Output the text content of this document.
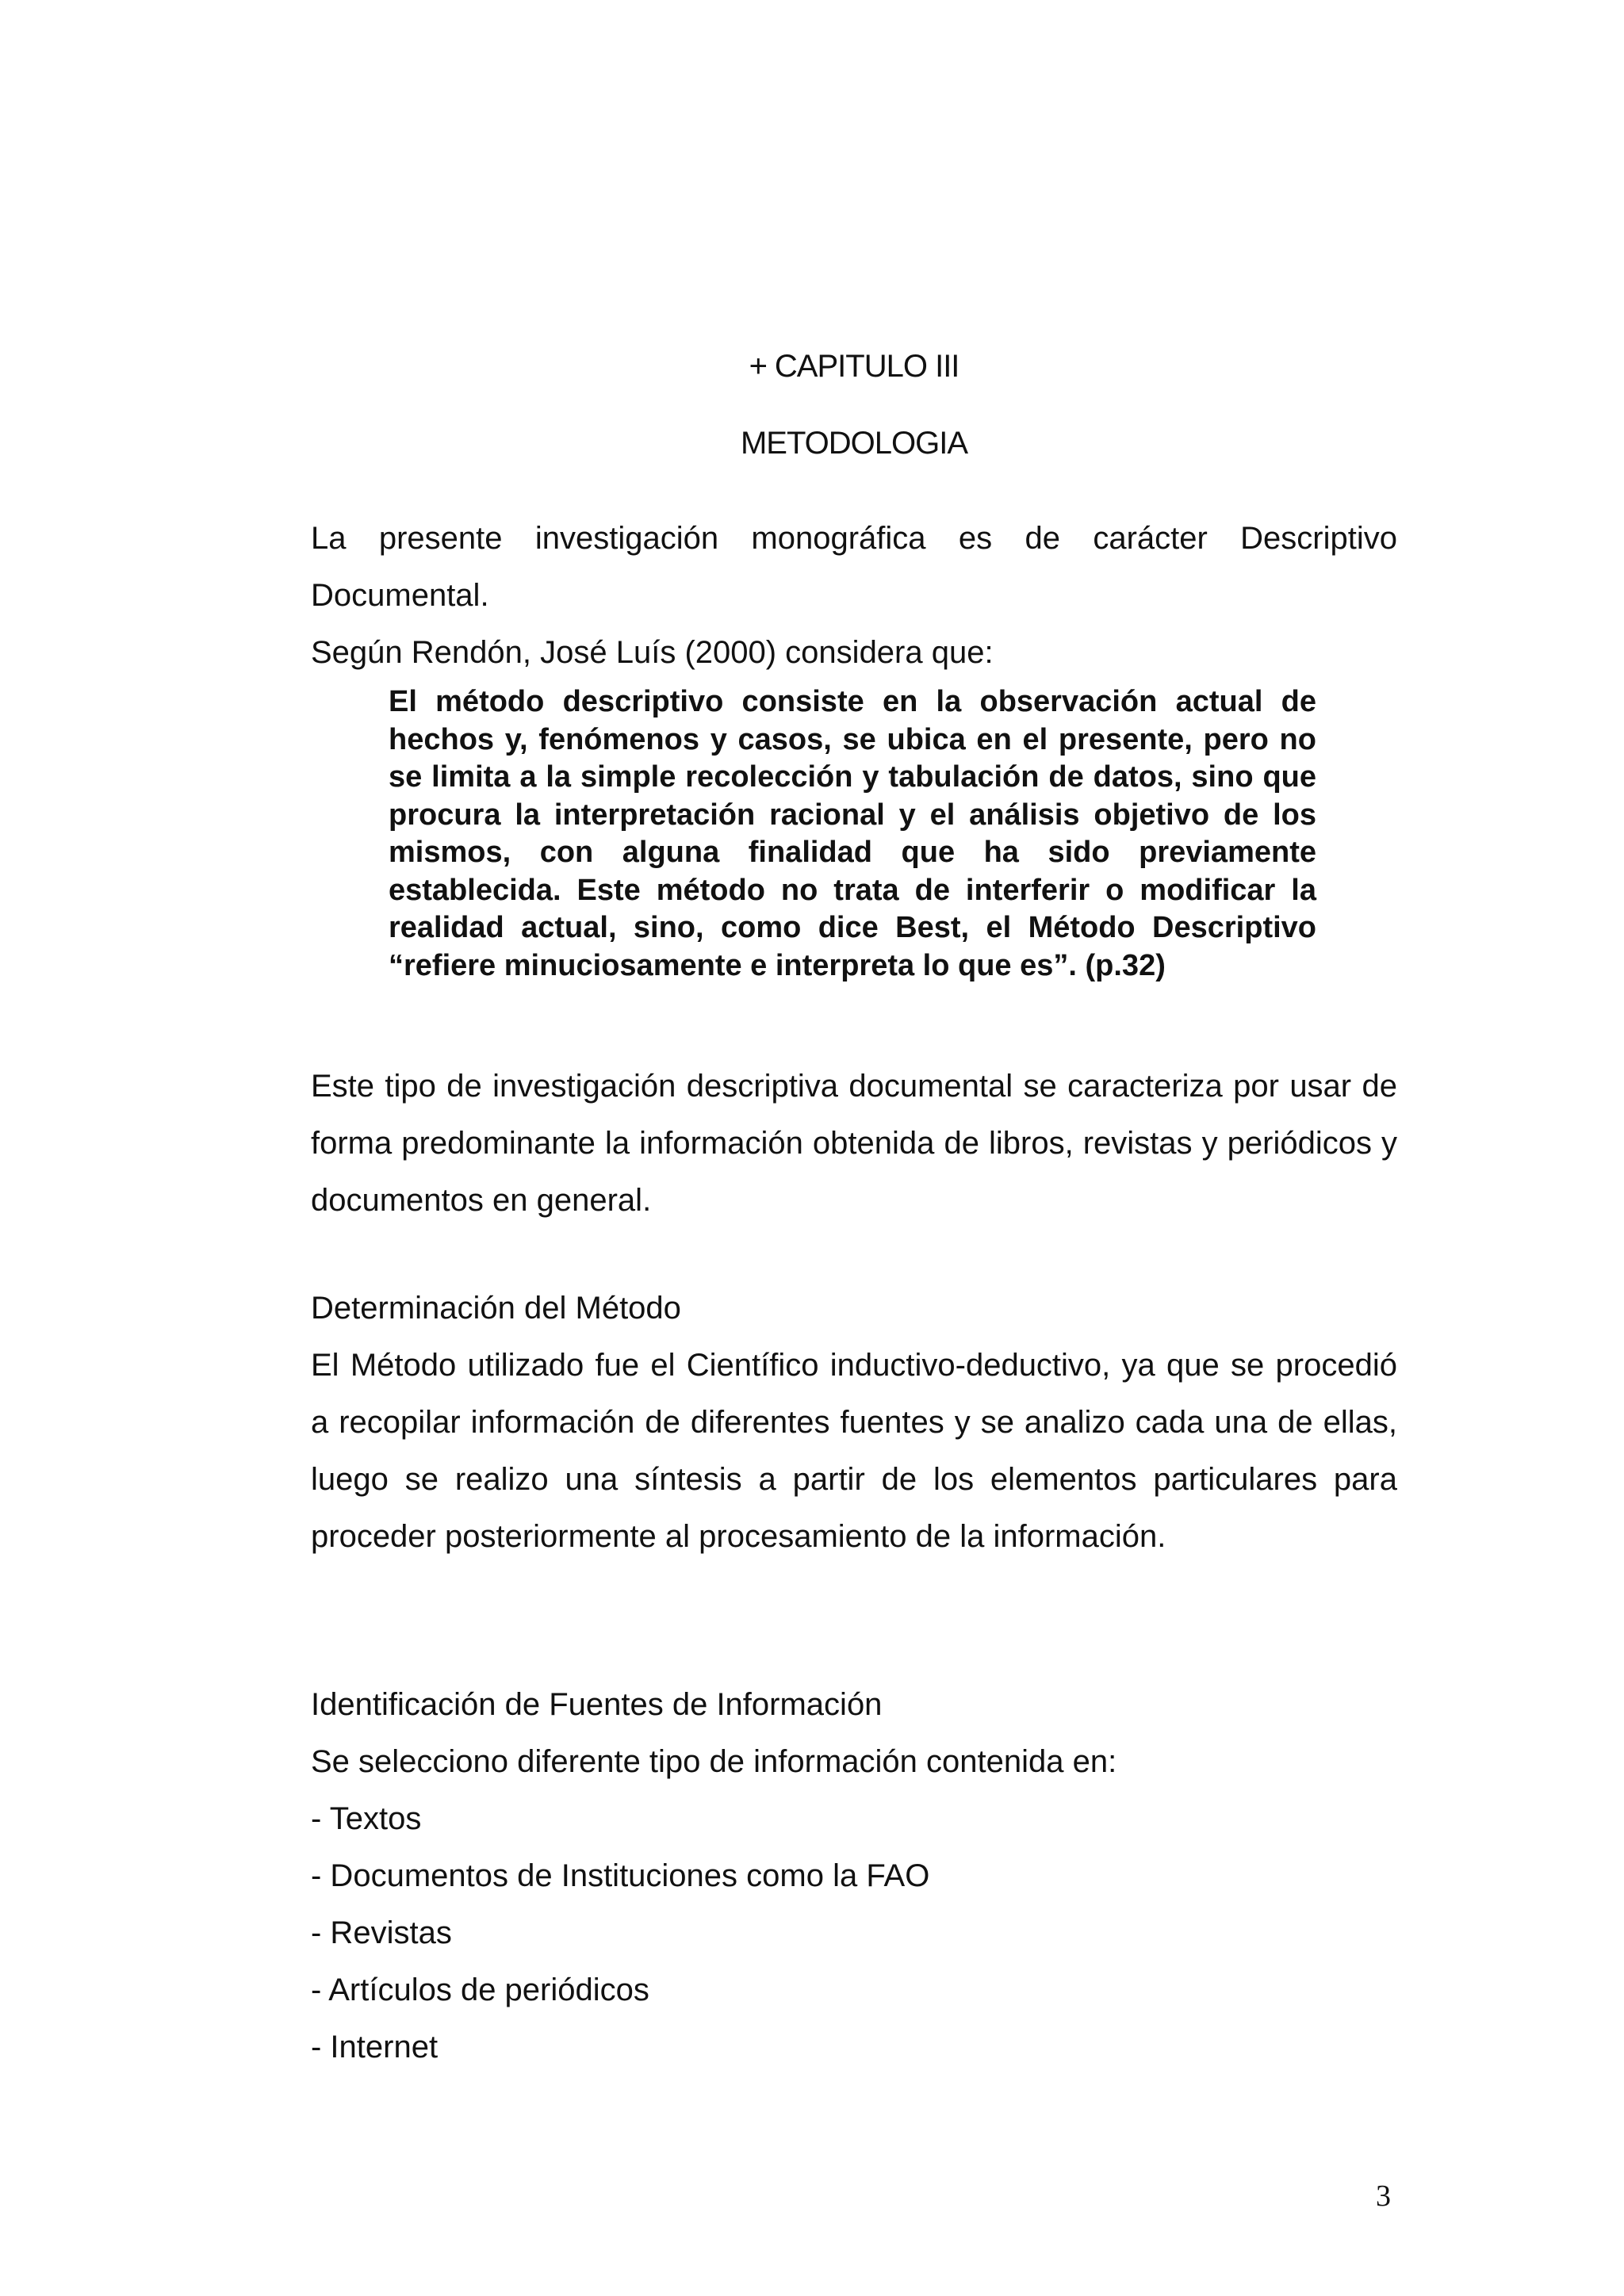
+ CAPITULO III
METODOLOGIA
La presente investigación monográfica es de carácter Descriptivo
Documental.
Según Rendón, José Luís (2000) considera que:
El método descriptivo consiste en la observación actual de hechos y, fenómenos y casos, se ubica en el presente, pero no se limita a la simple recolección y tabulación de datos, sino que procura la interpretación racional y el análisis objetivo de los mismos, con alguna finalidad que ha sido previamente establecida. Este método no trata de interferir o modificar la realidad actual, sino, como dice Best, el Método Descriptivo “refiere minuciosamente e interpreta lo que es”. (p.32)
Este tipo de investigación descriptiva documental se caracteriza por usar de forma predominante la información obtenida de libros, revistas y periódicos y documentos en general.
Determinación del Método
El Método utilizado fue el Científico inductivo-deductivo, ya que se procedió a recopilar información de diferentes fuentes y se analizo cada una de ellas, luego se realizo una síntesis a partir de los elementos particulares para proceder posteriormente al procesamiento de la información.
Identificación de Fuentes de Información
Se selecciono diferente tipo de información contenida en:
- Textos
- Documentos de Instituciones como la FAO
- Revistas
- Artículos de periódicos
- Internet
3
